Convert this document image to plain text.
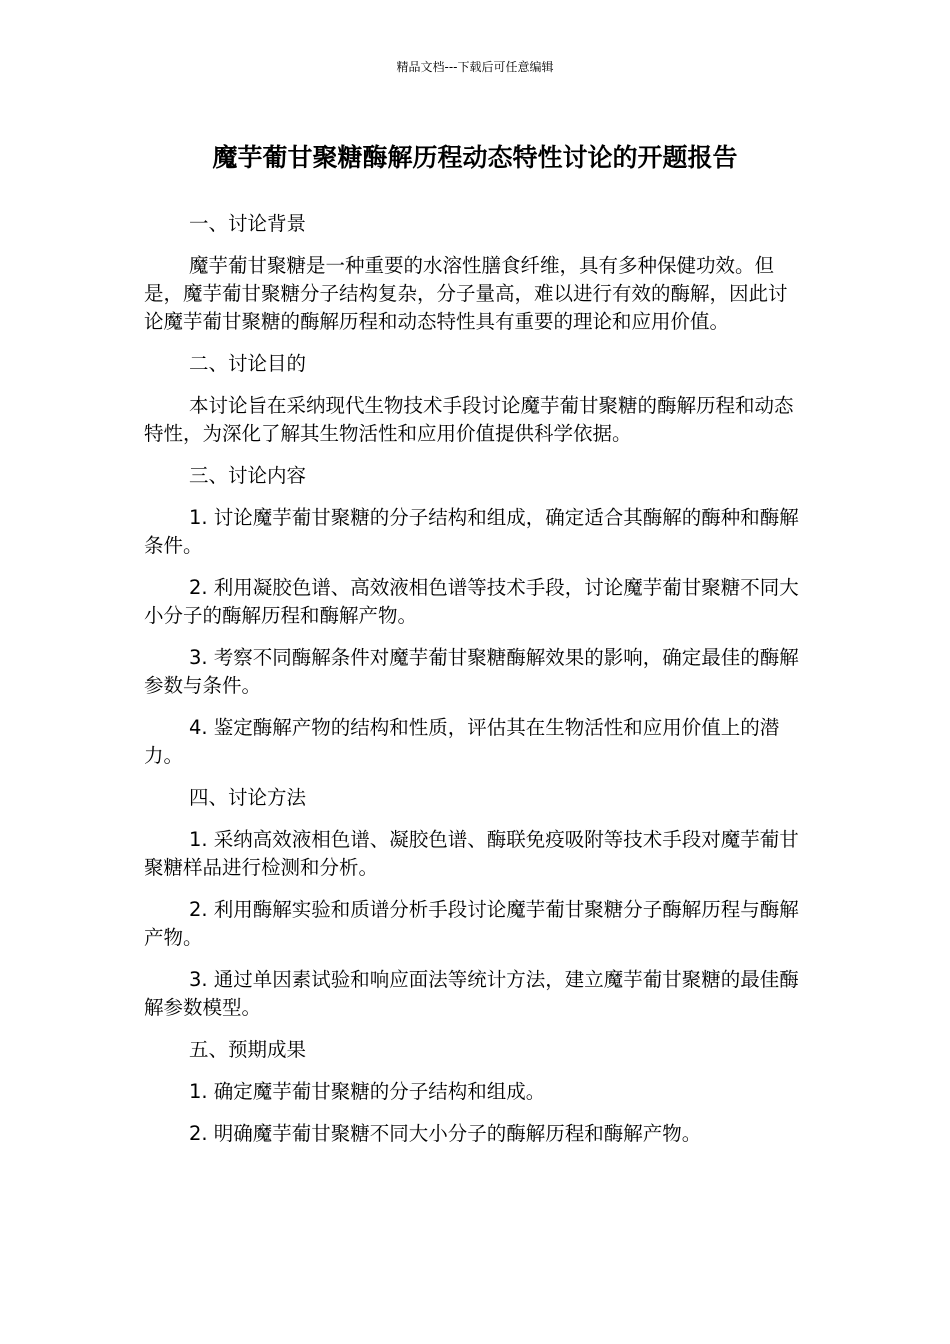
精品文档---下载后可任意编辑
魔芋葡甘聚糖酶解历程动态特性讨论的开题报告

一、讨论背景

魔芋葡甘聚糖是一种重要的水溶性膳食纤维，具有多种保健功效。但是，魔芋葡甘聚糖分子结构复杂，分子量高，难以进行有效的酶解，因此讨论魔芋葡甘聚糖的酶解历程和动态特性具有重要的理论和应用价值。

二、讨论目的

本讨论旨在采纳现代生物技术手段讨论魔芋葡甘聚糖的酶解历程和动态特性，为深化了解其生物活性和应用价值提供科学依据。

三、讨论内容

1. 讨论魔芋葡甘聚糖的分子结构和组成，确定适合其酶解的酶种和酶解条件。

2. 利用凝胶色谱、高效液相色谱等技术手段，讨论魔芋葡甘聚糖不同大小分子的酶解历程和酶解产物。

3. 考察不同酶解条件对魔芋葡甘聚糖酶解效果的影响，确定最佳的酶解参数与条件。

4. 鉴定酶解产物的结构和性质，评估其在生物活性和应用价值上的潜力。

四、讨论方法

1. 采纳高效液相色谱、凝胶色谱、酶联免疫吸附等技术手段对魔芋葡甘聚糖样品进行检测和分析。

2. 利用酶解实验和质谱分析手段讨论魔芋葡甘聚糖分子酶解历程与酶解产物。

3. 通过单因素试验和响应面法等统计方法，建立魔芋葡甘聚糖的最佳酶解参数模型。

五、预期成果

1. 确定魔芋葡甘聚糖的分子结构和组成。

2. 明确魔芋葡甘聚糖不同大小分子的酶解历程和酶解产物。
